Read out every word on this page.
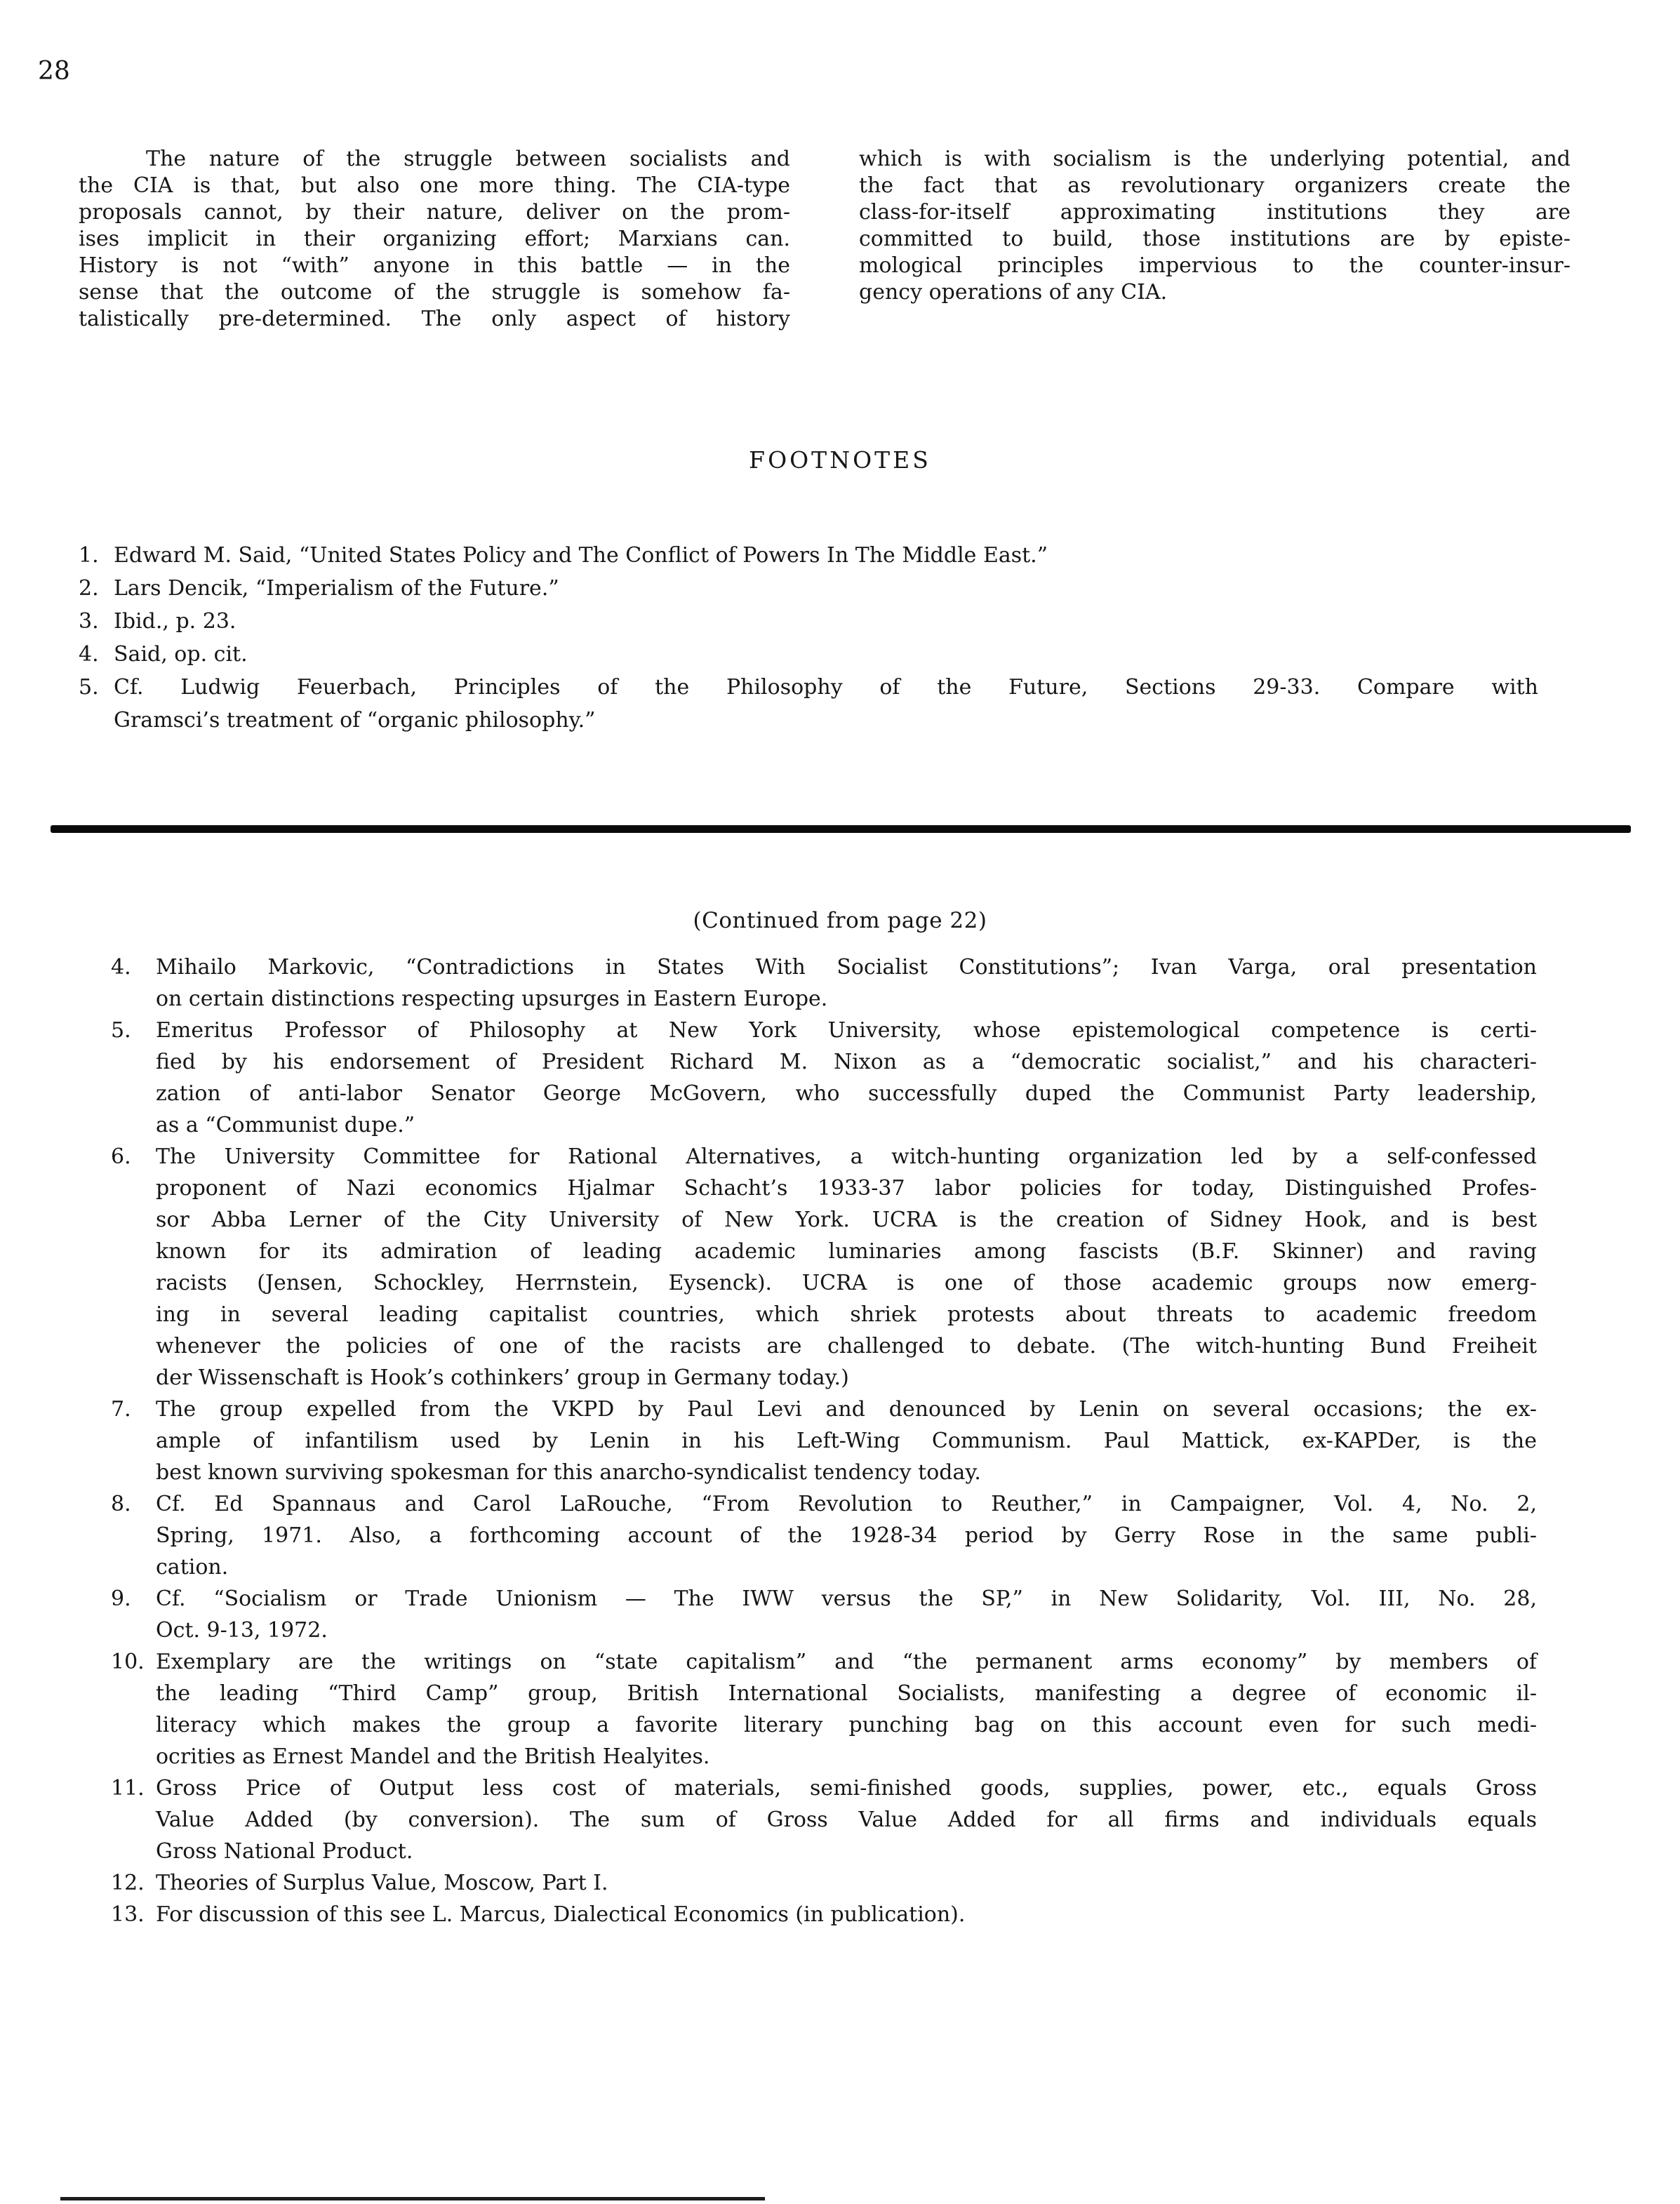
28
The nature of the struggle between socialists and
the CIA is that, but also one more thing. The CIA-type
proposals cannot, by their nature, deliver on the prom-
ises implicit in their organizing effort; Marxians can.
History is not “with” anyone in this battle — in the
sense that the outcome of the struggle is somehow fa-
talistically pre-determined. The only aspect of history
which is with socialism is the underlying potential, and
the fact that as revolutionary organizers create the
class-for-itself approximating institutions they are
committed to build, those institutions are by episte-
mological principles impervious to the counter-insur-
gency operations of any CIA.
FOOTNOTES
1. Edward M. Said, “United States Policy and The Conflict of Powers In The Middle East.”
2. Lars Dencik, “Imperialism of the Future.”
3. Ibid., p. 23.
4. Said, op. cit.
5. Cf. Ludwig Feuerbach, Principles of the Philosophy of the Future, Sections 29-33. Compare with
Gramsci’s treatment of “organic philosophy.”
(Continued from page 22)
4.	Mihailo Markovic, “Contradictions in States With Socialist Constitutions”; Ivan Varga, oral presentation
on certain distinctions respecting upsurges in Eastern Europe.
5.	Emeritus Professor of Philosophy at New York University, whose epistemological competence is certi-
fied by his endorsement of President Richard M. Nixon as a “democratic socialist,” and his characteri-
zation of anti-labor Senator George McGovern, who successfully duped the Communist Party leadership,
as a “Communist dupe.”
6.	The University Committee for Rational Alternatives, a witch-hunting organization led by a self-confessed
proponent of Nazi economics Hjalmar Schacht’s 1933-37 labor policies for today, Distinguished Profes-
sor Abba Lerner of the City University of New York. UCRA is the creation of Sidney Hook, and is best
known for its admiration of leading academic luminaries among fascists (B.F. Skinner) and raving
racists (Jensen, Schockley, Herrnstein, Eysenck). UCRA is one of those academic groups now emerg-
ing in several leading capitalist countries, which shriek protests about threats to academic freedom
whenever the policies of one of the racists are challenged to debate. (The witch-hunting Bund Freiheit
der Wissenschaft is Hook’s cothinkers’ group in Germany today.)
7.	The group expelled from the VKPD by Paul Levi and denounced by Lenin on several occasions; the ex-
ample of infantilism used by Lenin in his Left-Wing Communism. Paul Mattick, ex-KAPDer, is the
best known surviving spokesman for this anarcho-syndicalist tendency today.
8.	Cf. Ed Spannaus and Carol LaRouche, “From Revolution to Reuther,” in Campaigner, Vol. 4, No. 2,
Spring, 1971. Also, a forthcoming account of the 1928-34 period by Gerry Rose in the same publi-
cation.
9.	Cf. “Socialism or Trade Unionism — The IWW versus the SP,” in New Solidarity, Vol. III, No. 28,
Oct. 9-13, 1972.
10. Exemplary are the writings on “state capitalism” and “the permanent arms economy” by members of
the leading “Third Camp” group, British International Socialists, manifesting a degree of economic il-
literacy which makes the group a favorite literary punching bag on this account even for such medi-
ocrities as Ernest Mandel and the British Healyites.
11. Gross Price of Output less cost of materials, semi-finished goods, supplies, power, etc., equals Gross
Value Added (by conversion). The sum of Gross Value Added for all firms and individuals equals
Gross National Product.
12. Theories of Surplus Value, Moscow, Part I.
13. For discussion of this see L. Marcus, Dialectical Economics (in publication).
